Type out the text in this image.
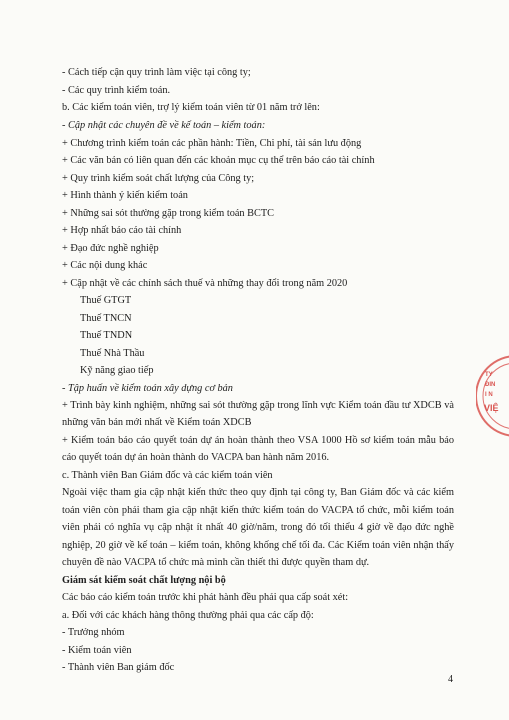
- Cách tiếp cận quy trình làm việc tại công ty;
- Các quy trình kiểm toán.
b. Các kiểm toán viên, trợ lý kiểm toán viên từ 01 năm trở lên:
- Cập nhật các chuyên đề về kế toán – kiểm toán:
+ Chương trình kiểm toán các phần hành: Tiền, Chi phí, tài sản lưu động
+ Các văn bản có liên quan đến các khoản mục cụ thể trên báo cáo tài chính
+ Quy trình kiểm soát chất lượng của Công ty;
+ Hình thành ý kiến kiểm toán
+ Những sai sót thường gặp trong kiểm toán BCTC
+ Hợp nhất báo cáo tài chính
+ Đạo đức nghề nghiệp
+ Các nội dung khác
+ Cập nhật về các chính sách thuế và những thay đổi trong năm 2020
Thuế GTGT
Thuế TNCN
Thuế TNDN
Thuế Nhà Thầu
Kỹ năng giao tiếp
- Tập huấn về kiểm toán xây dựng cơ bản
+ Trình bày kinh nghiệm, những sai sót thường gặp trong lĩnh vực Kiểm toán đầu tư XDCB và
những văn bản mới nhất về Kiểm toán XDCB
+ Kiểm toán báo cáo quyết toán dự án hoàn thành theo VSA 1000 Hồ sơ kiểm toán mẫu báo
cáo quyết toán dự án hoàn thành do VACPA ban hành năm 2016.
c. Thành viên Ban Giám đốc và các kiểm toán viên
Ngoài việc tham gia cập nhật kiến thức theo quy định tại công ty, Ban Giám đốc và các kiểm
toán viên còn phải tham gia cập nhật kiến thức kiểm toán do VACPA tổ chức, mỗi kiểm toán
viên phải có nghĩa vụ cập nhật ít nhất 40 giờ/năm, trong đó tối thiểu 4 giờ về đạo đức nghề
nghiệp, 20 giờ về kế toán – kiểm toán, không khống chế tối đa. Các Kiểm toán viên nhận thấy
chuyên đề nào VACPA tổ chức mà mình cần thiết thì được quyền tham dự.
Giám sát kiểm soát chất lượng nội bộ
Các báo cáo kiểm toán trước khi phát hành đều phải qua cấp soát xét:
a. Đối với các khách hàng thông thường phải qua các cấp độ:
- Trưởng nhóm
- Kiểm toán viên
- Thành viên Ban giám đốc
4
TY
ĐIN
I N
VIỆ
